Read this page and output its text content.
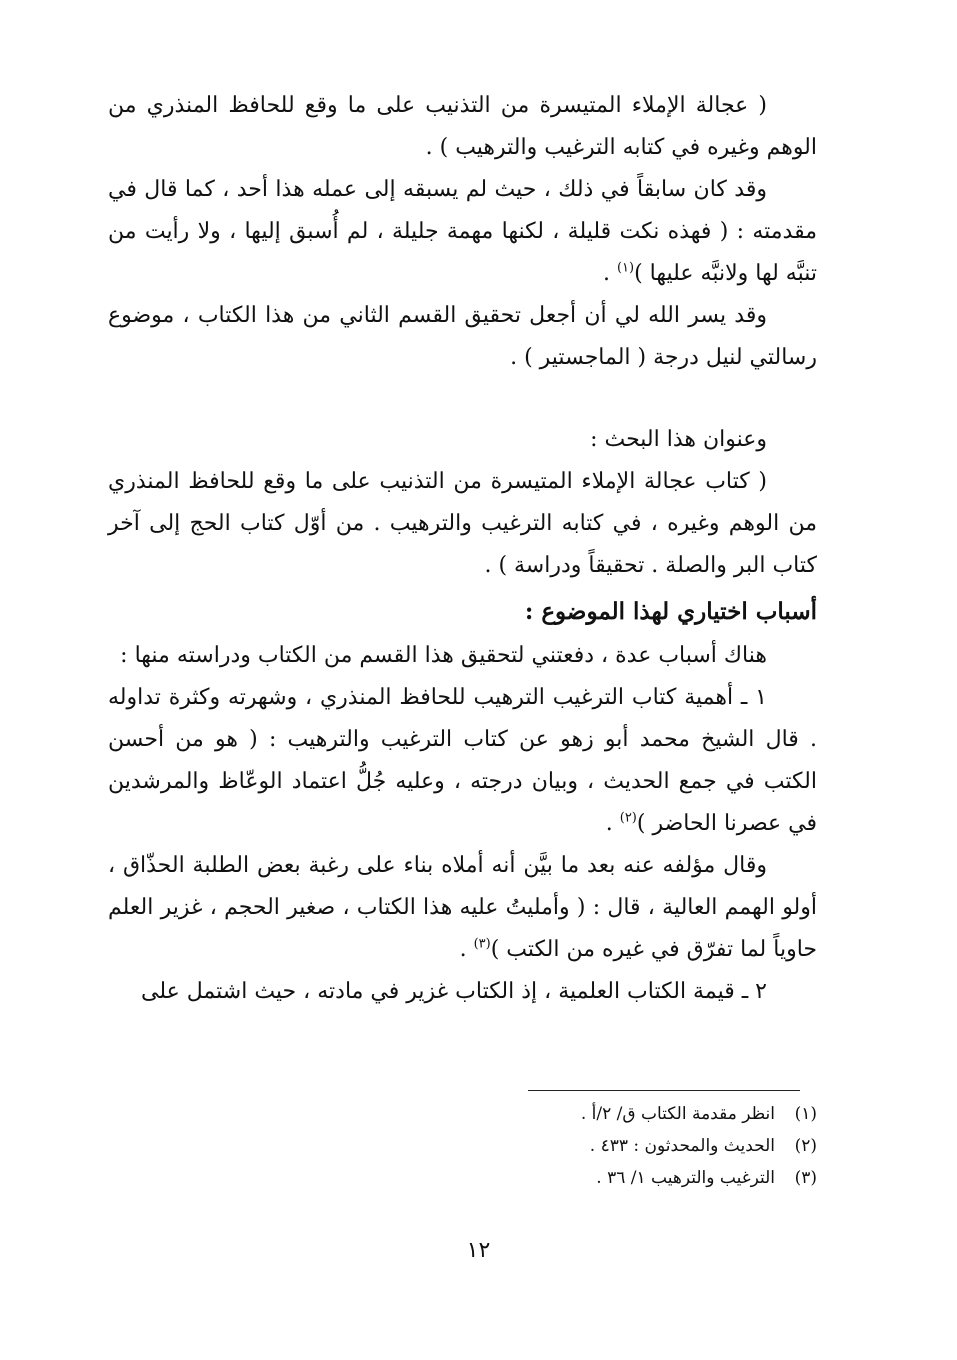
( عجالة الإملاء المتيسرة من التذنيب على ما وقع للحافظ المنذري من الوهم وغيره في كتابه الترغيب والترهيب ) .

وقد كان سابقاً في ذلك ، حيث لم يسبقه إلى عمله هذا أحد ، كما قال في مقدمته : ( فهذه نكت قليلة ، لكنها مهمة جليلة ، لم أُسبق إليها ، ولا رأيت من تنبَّه لها ولانبَّه عليها )$^{(١)}$ .

وقد يسر الله لي أن أجعل تحقيق القسم الثاني من هذا الكتاب ، موضوع رسالتي لنيل درجة ( الماجستير ) .

وعنوان هذا البحث :

( كتاب عجالة الإملاء المتيسرة من التذنيب على ما وقع للحافظ المنذري من الوهم وغيره ، في كتابه الترغيب والترهيب . من أوّل كتاب الحج إلى آخر كتاب البر والصلة . تحقيقاً ودراسة ) .

أسباب اختياري لهذا الموضوع :

هناك أسباب عدة ، دفعتني لتحقيق هذا القسم من الكتاب ودراسته منها :

١ ـ أهمية كتاب الترغيب الترهيب للحافظ المنذري ، وشهرته وكثرة تداوله . قال الشيخ محمد أبو زهو عن كتاب الترغيب والترهيب : ( هو من أحسن الكتب في جمع الحديث ، وبيان درجته ، وعليه جُلُّ اعتماد الوعّاظ والمرشدين في عصرنا الحاضر )$^{(٢)}$ .

وقال مؤلفه عنه بعد ما بيَّن أنه أملاه بناء على رغبة بعض الطلبة الحذّاق ، أولو الهمم العالية ، قال : ( وأمليتُ عليه هذا الكتاب ، صغير الحجم ، غزير العلم حاوياً لما تفرّق في غيره من الكتب )$^{(٣)}$ .

٢ ـ قيمة الكتاب العلمية ، إذ الكتاب غزير في مادته ، حيث اشتمل على

(١)انظر مقدمة الكتاب ق/ ٢/أ .

(٢)الحديث والمحدثون : ٤٣٣ .

(٣)الترغيب والترهيب ١/ ٣٦ .

١٢
